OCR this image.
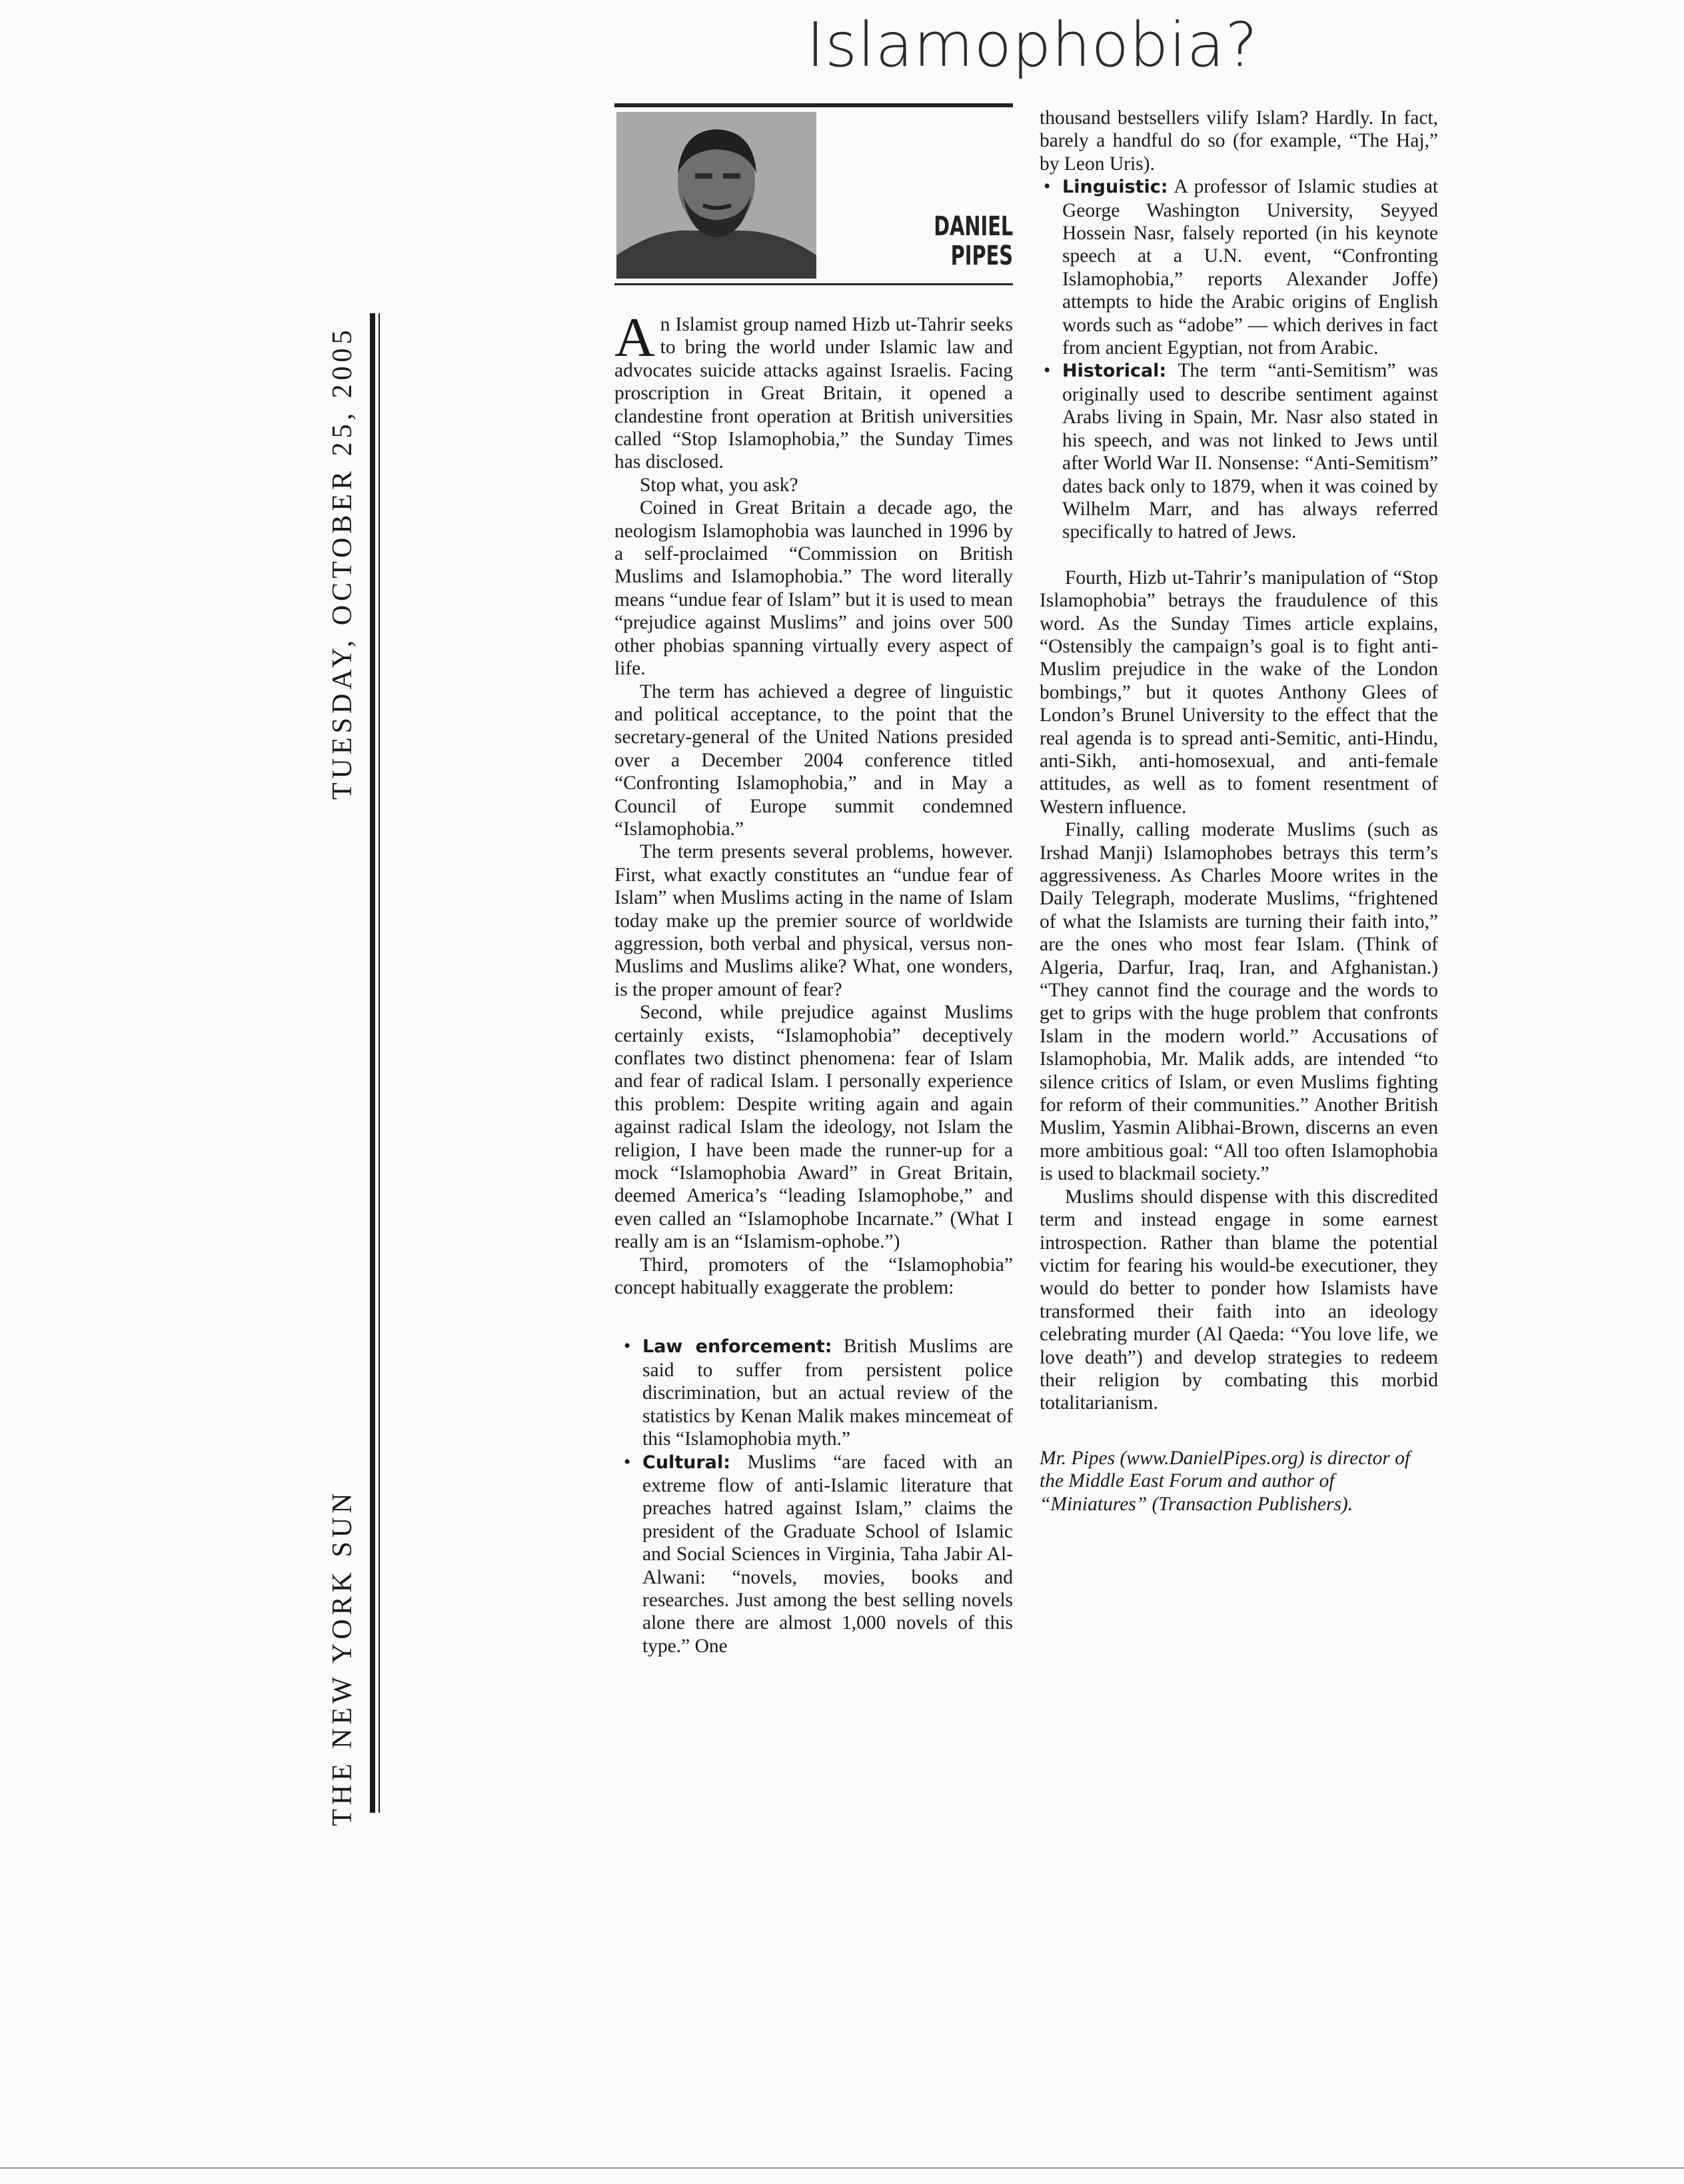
Islamophobia?
DANIEL
PIPES
TUESDAY, OCTOBER 25, 2005
THE NEW YORK SUN

An Islamist group named Hizb ut-Tahrir seeks to bring the world under Islamic law and advocates suicide attacks against Israelis. Facing proscription in Great Britain, it opened a clandestine front operation at British universities called “Stop Islamophobia,” the Sunday Times has disclosed.

Stop what, you ask?

Coined in Great Britain a decade ago, the neologism Islamophobia was launched in 1996 by a self-proclaimed “Commission on British Muslims and Islamophobia.” The word literally means “undue fear of Islam” but it is used to mean “prejudice against Muslims” and joins over 500 other phobias spanning virtually every aspect of life.

The term has achieved a degree of linguistic and political acceptance, to the point that the secretary-general of the United Nations presided over a December 2004 conference titled “Confronting Islamophobia,” and in May a Council of Europe summit condemned “Islamophobia.”

The term presents several problems, however. First, what exactly constitutes an “undue fear of Islam” when Muslims acting in the name of Islam today make up the premier source of worldwide aggression, both verbal and physical, versus non-Muslims and Muslims alike? What, one wonders, is the proper amount of fear?

Second, while prejudice against Muslims certainly exists, “Islamophobia” deceptively conflates two distinct phenomena: fear of Islam and fear of radical Islam. I personally experience this problem: Despite writing again and again against radical Islam the ideology, not Islam the religion, I have been made the runner-up for a mock “Islamophobia Award” in Great Britain, deemed America’s “leading Islamophobe,” and even called an “Islamophobe Incarnate.” (What I really am is an “Islamism-ophobe.”)

Third, promoters of the “Islamophobia” concept habitually exaggerate the problem:

• Law enforcement: British Muslims are said to suffer from persistent police discrimination, but an actual review of the statistics by Kenan Malik makes mincemeat of this “Islamophobia myth.”
• Cultural: Muslims “are faced with an extreme flow of anti-Islamic literature that preaches hatred against Islam,” claims the president of the Graduate School of Islamic and Social Sciences in Virginia, Taha Jabir Al-Alwani: “novels, movies, books and researches. Just among the best selling novels alone there are almost 1,000 novels of this type.” One

thousand bestsellers vilify Islam? Hardly. In fact, barely a handful do so (for example, “The Haj,” by Leon Uris).

• Linguistic: A professor of Islamic studies at George Washington University, Seyyed Hossein Nasr, falsely reported (in his keynote speech at a U.N. event, “Confronting Islamophobia,” reports Alexander Joffe) attempts to hide the Arabic origins of English words such as “adobe” — which derives in fact from ancient Egyptian, not from Arabic.
• Historical: The term “anti-Semitism” was originally used to describe sentiment against Arabs living in Spain, Mr. Nasr also stated in his speech, and was not linked to Jews until after World War II. Nonsense: “Anti-Semitism” dates back only to 1879, when it was coined by Wilhelm Marr, and has always referred specifically to hatred of Jews.

Fourth, Hizb ut-Tahrir’s manipulation of “Stop Islamophobia” betrays the fraudulence of this word. As the Sunday Times article explains, “Ostensibly the campaign’s goal is to fight anti-Muslim prejudice in the wake of the London bombings,” but it quotes Anthony Glees of London’s Brunel University to the effect that the real agenda is to spread anti-Semitic, anti-Hindu, anti-Sikh, anti-homosexual, and anti-female attitudes, as well as to foment resentment of Western influence.

Finally, calling moderate Muslims (such as Irshad Manji) Islamophobes betrays this term’s aggressiveness. As Charles Moore writes in the Daily Telegraph, moderate Muslims, “frightened of what the Islamists are turning their faith into,” are the ones who most fear Islam. (Think of Algeria, Darfur, Iraq, Iran, and Afghanistan.) “They cannot find the courage and the words to get to grips with the huge problem that confronts Islam in the modern world.” Accusations of Islamophobia, Mr. Malik adds, are intended “to silence critics of Islam, or even Muslims fighting for reform of their communities.” Another British Muslim, Yasmin Alibhai-Brown, discerns an even more ambitious goal: “All too often Islamophobia is used to blackmail society.”

Muslims should dispense with this discredited term and instead engage in some earnest introspection. Rather than blame the potential victim for fearing his would-be executioner, they would do better to ponder how Islamists have transformed their faith into an ideology celebrating murder (Al Qaeda: “You love life, we love death”) and develop strategies to redeem their religion by combating this morbid totalitarianism.

Mr. Pipes (www.DanielPipes.org) is director of the Middle East Forum and author of “Miniatures” (Transaction Publishers).
